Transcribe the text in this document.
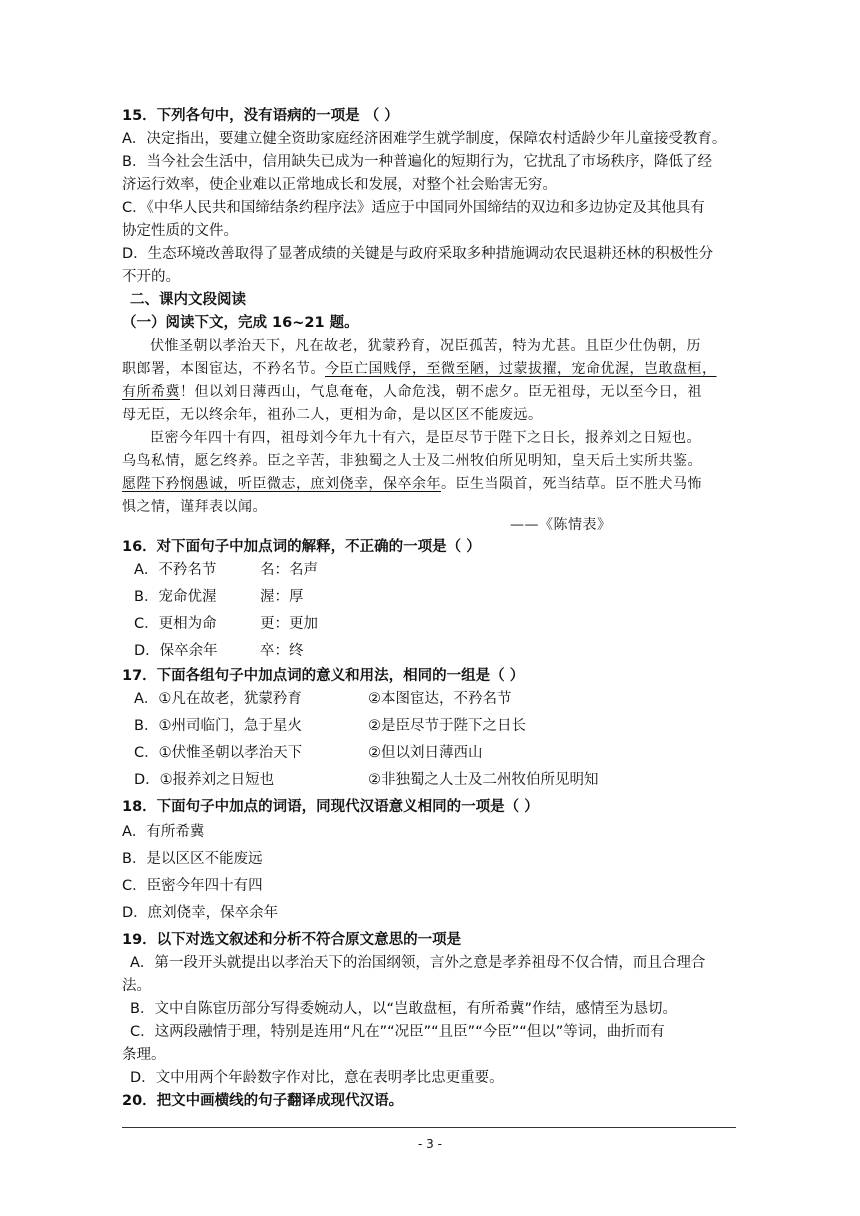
15．下列各句中，没有语病的一项是 （ ）
A．决定指出，要建立健全资助家庭经济困难学生就学制度，保障农村适龄少年儿童接受教育。
B．当今社会生活中，信用缺失已成为一种普遍化的短期行为，它扰乱了市场秩序，降低了经
济运行效率，使企业难以正常地成长和发展，对整个社会贻害无穷。
C．《中华人民共和国缔结条约程序法》适应于中国同外国缔结的双边和多边协定及其他具有
协定性质的文件。
D．生态环境改善取得了显著成绩的关键是与政府采取多种措施调动农民退耕还林的积极性分
不开的。
二、课内文段阅读
（一）阅读下文，完成 16~21 题。
伏惟圣朝以孝治天下，凡在故老，犹蒙矜育，况臣孤苦，特为尤甚。且臣少仕伪朝，历
职郎署，本图宦达，不矜名节。今臣亡国贱俘，至微至陋，过蒙拔擢，宠命优渥，岂敢盘桓，
有所希冀！但以刘日薄西山，气息奄奄，人命危浅，朝不虑夕。臣无祖母，无以至今日，祖
母无臣，无以终余年，祖孙二人，更相为命，是以区区不能废远。
臣密今年四十有四，祖母刘今年九十有六，是臣尽节于陛下之日长，报养刘之日短也。
乌鸟私情，愿乞终养。臣之辛苦，非独蜀之人士及二州牧伯所见明知，皇天后土实所共鉴。
愿陛下矜悯愚诚，听臣微志，庶刘侥幸，保卒余年。臣生当陨首，死当结草。臣不胜犬马怖
惧之情，谨拜表以闻。
——《陈情表》
16．对下面句子中加点词的解释，不正确的一项是（ ）
A．不矜名节	名：名声
B．宠命优渥	渥：厚
C．更相为命	更：更加
D．保卒余年	卒：终
17．下面各组句子中加点词的意义和用法，相同的一组是（ ）
A．①凡在故老，犹蒙矜育	②本图宦达，不矜名节
B．①州司临门，急于星火	②是臣尽节于陛下之日长
C．①伏惟圣朝以孝治天下	②但以刘日薄西山
D．①报养刘之日短也	②非独蜀之人士及二州牧伯所见明知
18．下面句子中加点的词语，同现代汉语意义相同的一项是（ ）
A．有所希冀
B．是以区区不能废远
C．臣密今年四十有四
D．庶刘侥幸，保卒余年
19．以下对选文叙述和分析不符合原文意思的一项是
A．第一段开头就提出以孝治天下的治国纲领，言外之意是孝养祖母不仅合情，而且合理合
法。
B．文中自陈宦历部分写得委婉动人，以“岂敢盘桓，有所希冀”作结，感情至为恳切。
C．这两段融情于理，特别是连用“凡在”“况臣”“且臣”“今臣”“但以”等词，曲折而有
条理。
D．文中用两个年龄数字作对比，意在表明孝比忠更重要。
20．把文中画横线的句子翻译成现代汉语。
- 3 -
